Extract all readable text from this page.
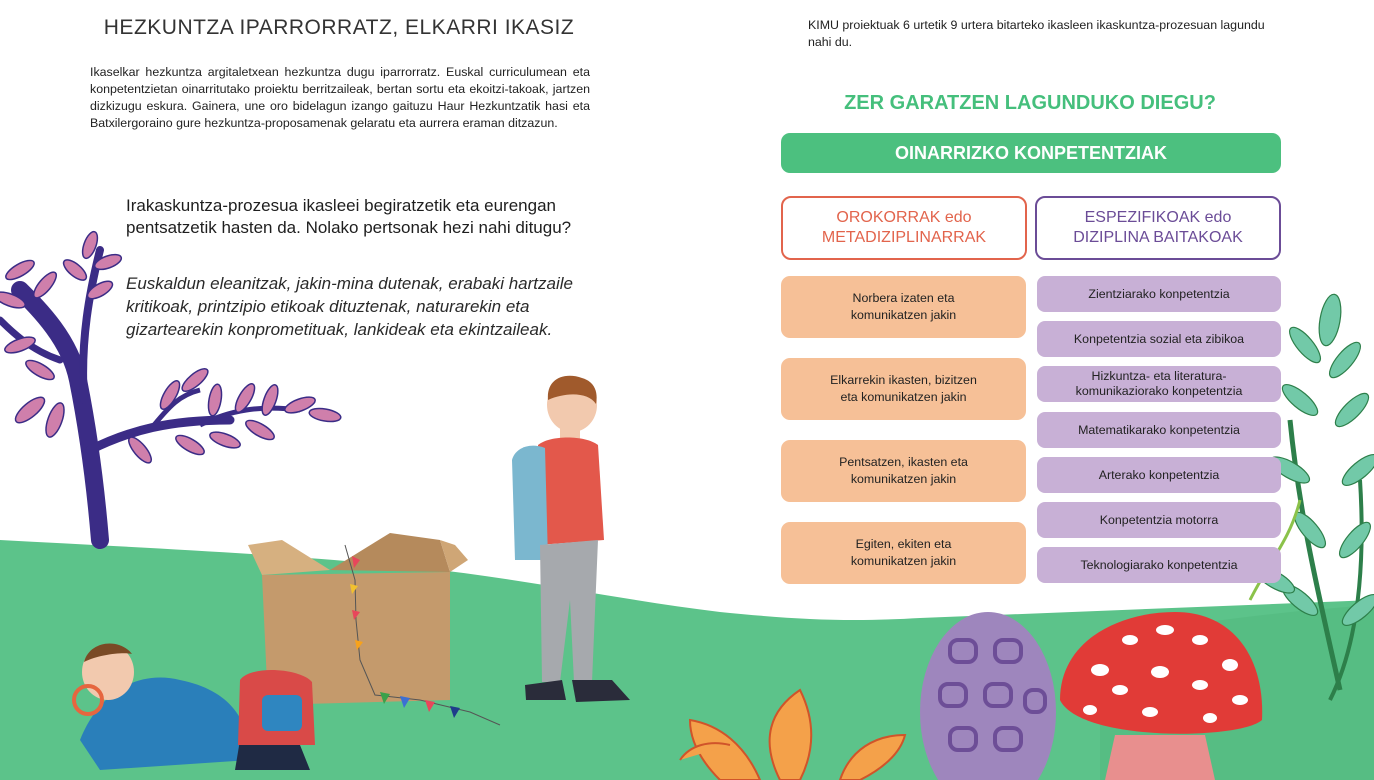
HEZKUNTZA IPARRORRATZ, ELKARRI IKASIZ

Ikaselkar hezkuntza argitaletxean hezkuntza dugu iparrorratz. Euskal curriculumean eta konpetentzietan oinarritutako proiektu berritzaileak, bertan sortu eta ekoitzi-takoak, jartzen dizkizugu eskura. Gainera, une oro bidelagun izango gaituzu Haur Hezkuntzatik hasi eta Batxilergoraino gure hezkuntza-proposamenak gelaratu eta aurrera eraman ditzazun.

Irakaskuntza-prozesua ikasleei begiratzetik eta eurengan pentsatzetik hasten da. Nolako pertsonak hezi nahi ditugu?

Euskaldun eleanitzak, jakin-mina dutenak, erabaki hartzaile kritikoak, printzipio etikoak dituztenak, naturarekin eta gizartearekin konprometituak, lankideak eta ekintzaileak.

KIMU proiektuak 6 urtetik 9 urtera bitarteko ikasleen ikaskuntza-prozesuan lagundu nahi du.

ZER GARATZEN LAGUNDUKO DIEGU?
OINARRIZKO KONPETENTZIAK
OROKORRAK edo
METADIZIPLINARRAK
ESPEZIFIKOAK edo
DIZIPLINA BAITAKOAK
Norbera izaten eta
komunikatzen jakin
Elkarrekin ikasten, bizitzen
eta komunikatzen jakin
Pentsatzen, ikasten eta
komunikatzen jakin
Egiten, ekiten eta
komunikatzen jakin
Zientziarako konpetentzia
Konpetentzia sozial eta zibikoa
Hizkuntza- eta literatura-
komunikaziorako konpetentzia
Matematikarako konpetentzia
Arterako konpetentzia
Konpetentzia motorra
Teknologiarako konpetentzia
